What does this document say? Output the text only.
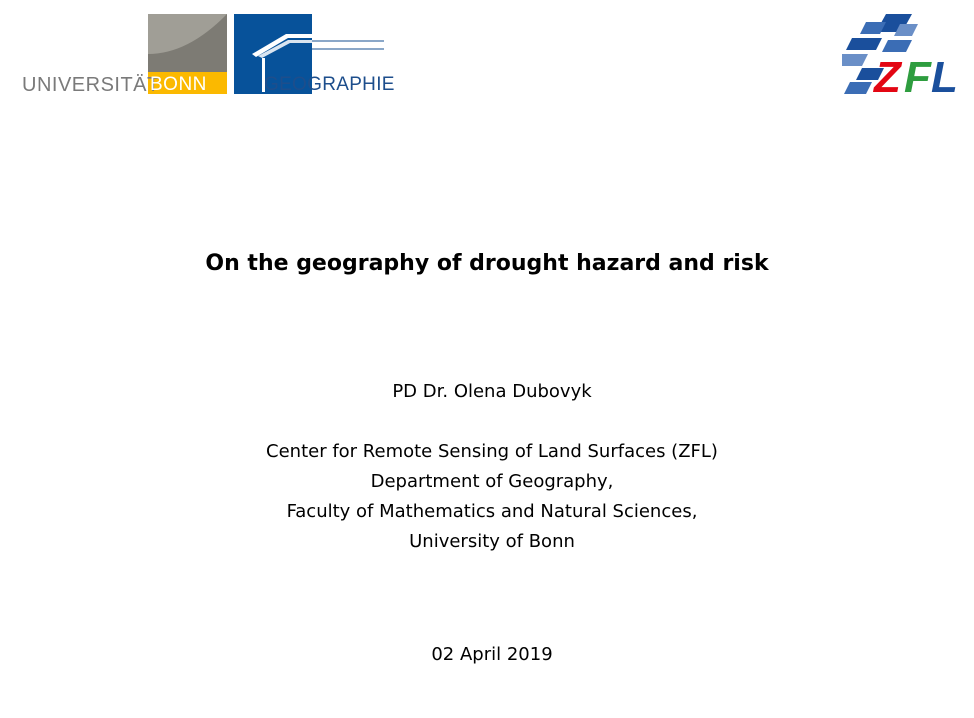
UNIVERSITÄT
BONN	GEOGRAPHIE	Z F L
On the geography of drought hazard and risk
PD Dr. Olena Dubovyk
Center for Remote Sensing of Land Surfaces (ZFL)
Department of Geography,
Faculty of Mathematics and Natural Sciences,
University of Bonn
02 April 2019
